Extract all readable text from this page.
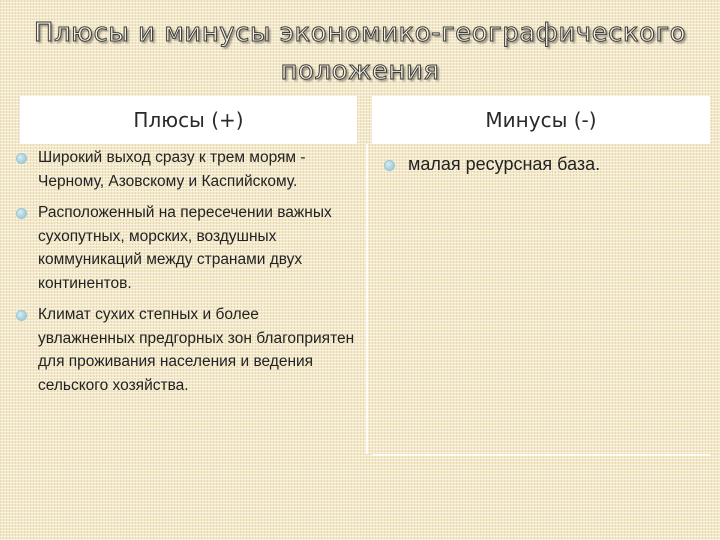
Плюсы и минусы экономико-географического
положения
Плюсы (+)	Минусы (-)
Широкий выход сразу к трем морям - Черному, Азовскому и Каспийскому.
Расположенный на пересечении важных сухопутных, морских, воздушных коммуникаций между странами двух континентов.
Климат сухих степных и более увлажненных предгорных зон благоприятен для проживания населения и ведения сельского хозяйства.
малая ресурсная база.
